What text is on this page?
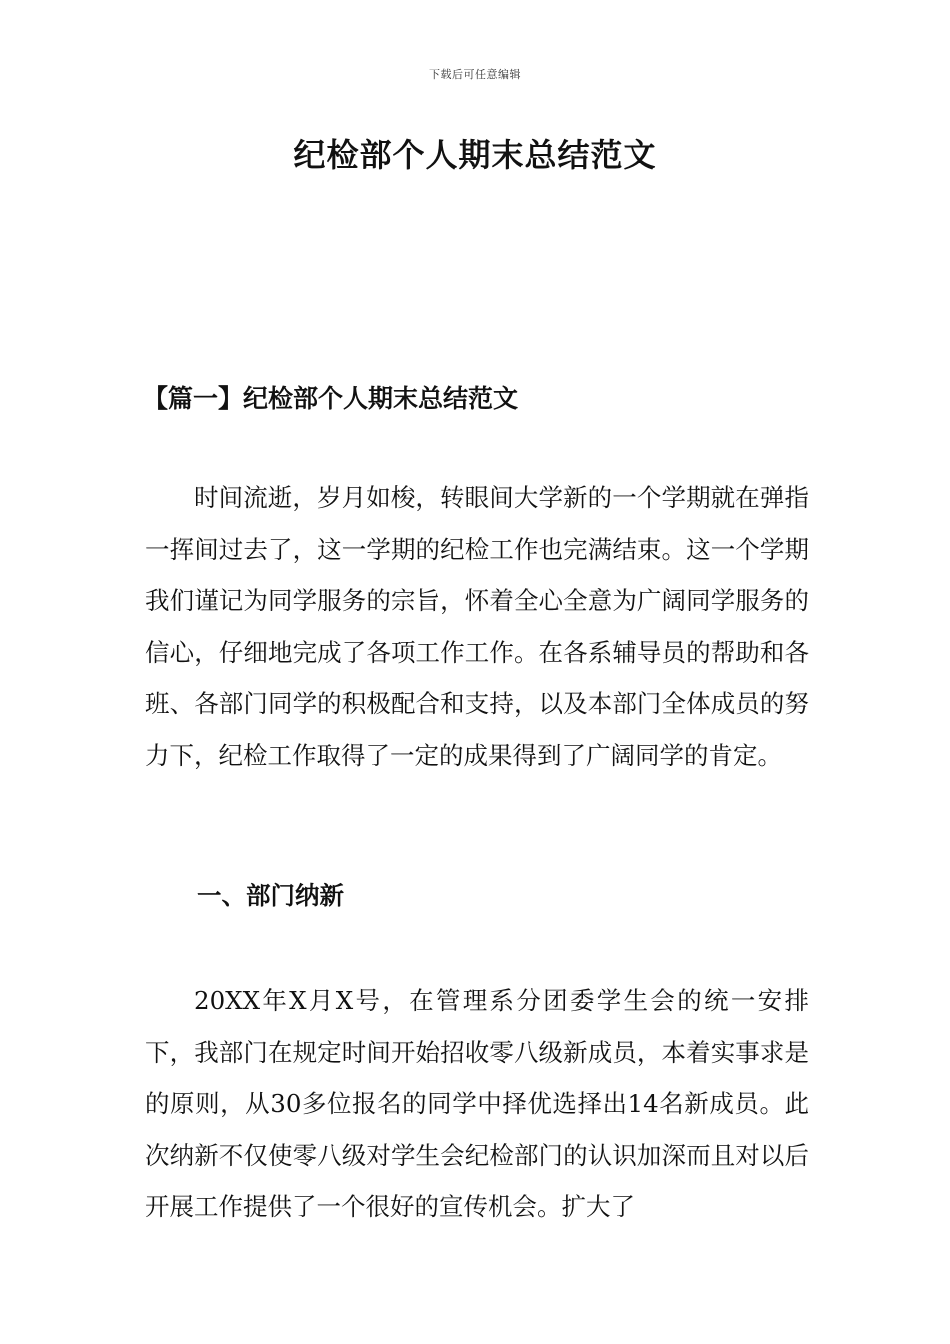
下载后可任意编辑
纪检部个人期末总结范文
【篇一】纪检部个人期末总结范文

时间流逝，岁月如梭，转眼间大学新的一个学期就在弹指一挥间过去了，这一学期的纪检工作也完满结束。这一个学期我们谨记为同学服务的宗旨，怀着全心全意为广阔同学服务的信心，仔细地完成了各项工作工作。在各系辅导员的帮助和各班、各部门同学的积极配合和支持，以及本部门全体成员的努力下，纪检工作取得了一定的成果得到了广阔同学的肯定。

一、部门纳新

20XX年X月X号，在管理系分团委学生会的统一安排下，我部门在规定时间开始招收零八级新成员，本着实事求是的原则，从30多位报名的同学中择优选择出14名新成员。此次纳新不仅使零八级对学生会纪检部门的认识加深而且对以后开展工作提供了一个很好的宣传机会。扩大了
